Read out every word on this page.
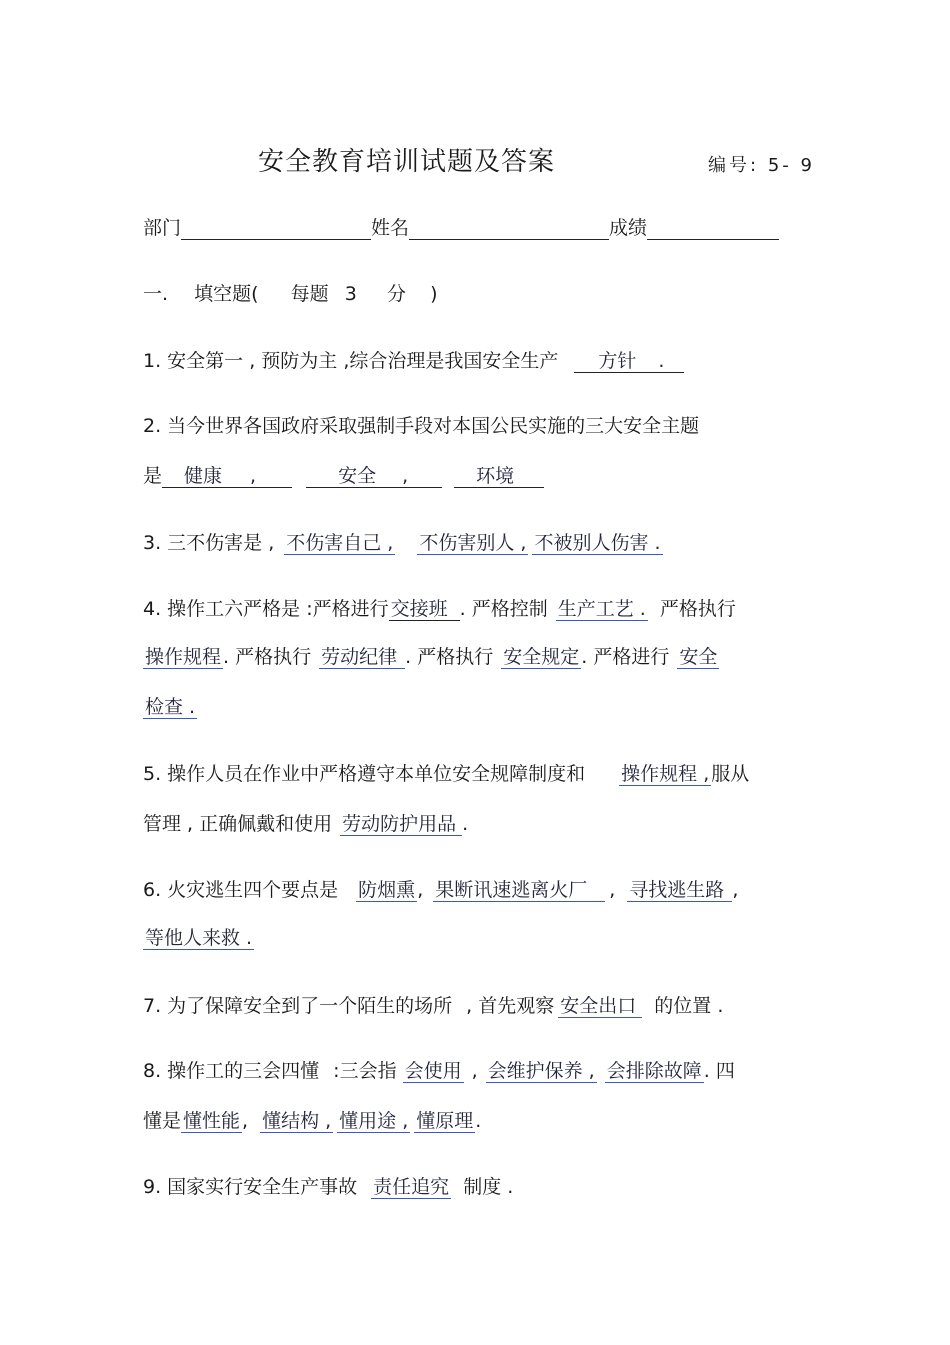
安全教育培训试题及答案	编号: 5- 9
部门	姓名	成绩
一. 填空题( 每题 3 分 )
1. 安全第一 , 预防为主 ,综合治理是我国安全生产 方针 .
2. 当今世界各国政府采取强制手段对本国公民实施的三大安全主题
是 健康 ,	安全 ,	环境
3. 三不伤害是 , 不伤害自己 , 不伤害别人 , 不被别人伤害 .
4. 操作工六严格是 :严格进行 交接班 . 严格控制 生产工艺 . 严格执行
操作规程 . 严格执行 劳动纪律 . 严格执行 安全规定 . 严格进行 安全
检查 .
5. 操作人员在作业中严格遵守本单位安全规障制度和 操作规程 , 服从
管理 , 正确佩戴和使用 劳动防护用品 .
6. 火灾逃生四个要点是 防烟熏 , 果断讯速逃离火厂 , 寻找逃生路 ,
等他人来救 .
7. 为了保障安全到了一个陌生的场所 , 首先观察 安全出口 的位置 .
8. 操作工的三会四懂 :三会指 会使用 , 会维护保养 , 会排除故障 . 四
懂是 懂性能 , 懂结构 , 懂用途 , 懂原理 .
9. 国家实行安全生产事故 责任追究 制度 .
